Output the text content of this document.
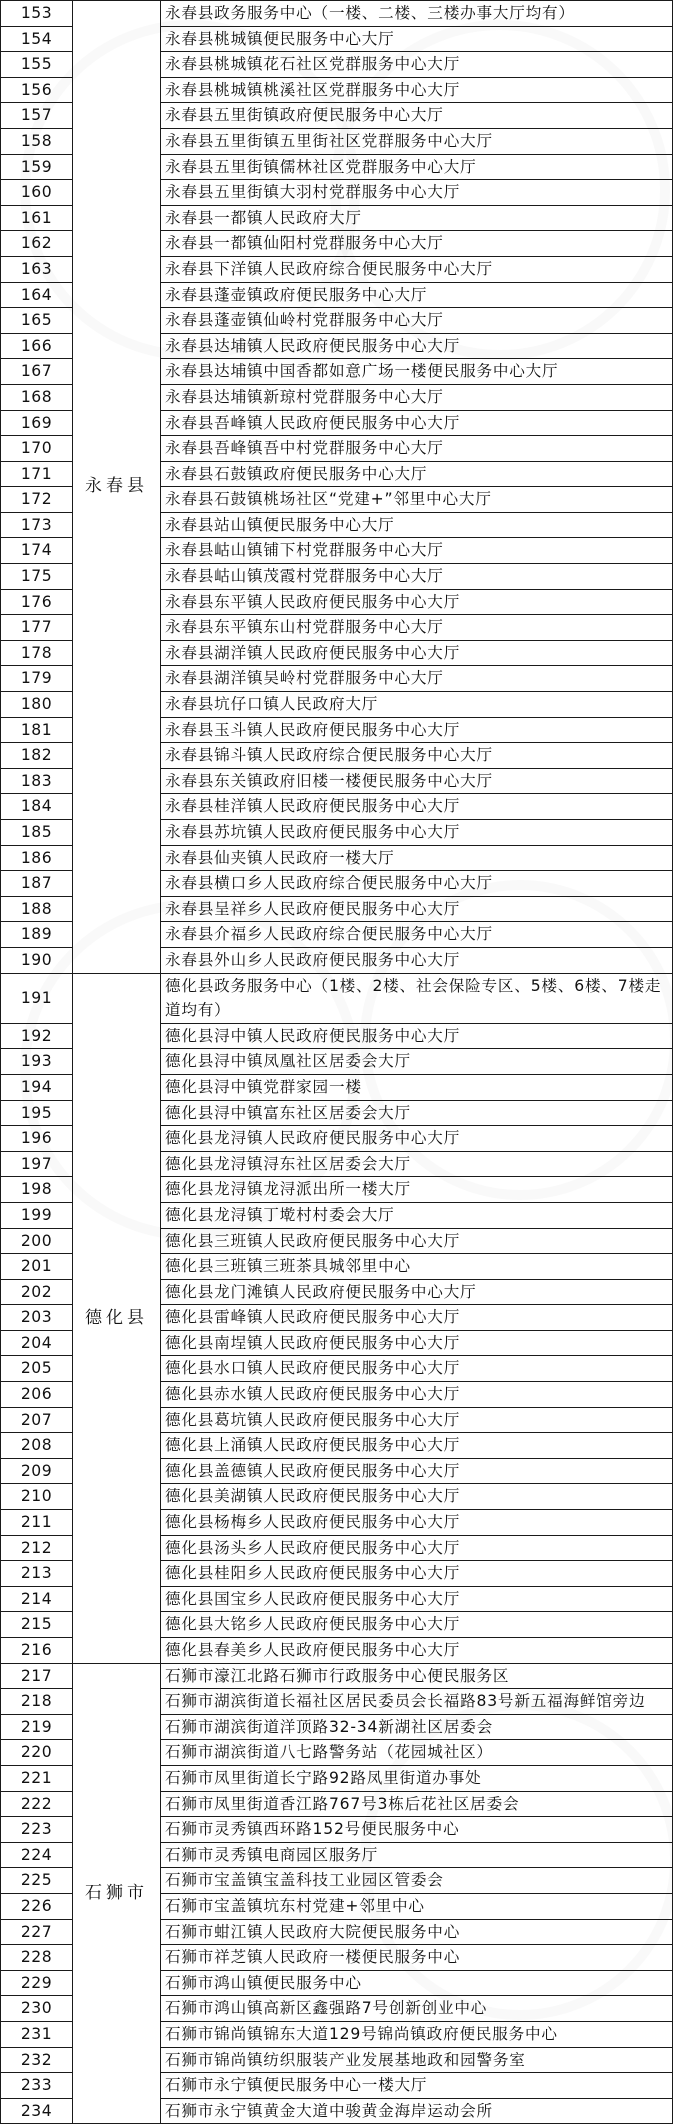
153	永春县	永春县政务服务中心（一楼、二楼、三楼办事大厅均有）
154		永春县桃城镇便民服务中心大厅
155		永春县桃城镇花石社区党群服务中心大厅
156		永春县桃城镇桃溪社区党群服务中心大厅
157		永春县五里街镇政府便民服务中心大厅
158		永春县五里街镇五里街社区党群服务中心大厅
159		永春县五里街镇儒林社区党群服务中心大厅
160		永春县五里街镇大羽村党群服务中心大厅
161		永春县一都镇人民政府大厅
162		永春县一都镇仙阳村党群服务中心大厅
163		永春县下洋镇人民政府综合便民服务中心大厅
164		永春县蓬壶镇政府便民服务中心大厅
165		永春县蓬壶镇仙岭村党群服务中心大厅
166		永春县达埔镇人民政府便民服务中心大厅
167		永春县达埔镇中国香都如意广场一楼便民服务中心大厅
168		永春县达埔镇新琼村党群服务中心大厅
169		永春县吾峰镇人民政府便民服务中心大厅
170		永春县吾峰镇吾中村党群服务中心大厅
171		永春县石鼓镇政府便民服务中心大厅
172		永春县石鼓镇桃场社区“党建+”邻里中心大厅
173		永春县站山镇便民服务中心大厅
174		永春县岵山镇铺下村党群服务中心大厅
175		永春县岵山镇茂霞村党群服务中心大厅
176		永春县东平镇人民政府便民服务中心大厅
177		永春县东平镇东山村党群服务中心大厅
178		永春县湖洋镇人民政府便民服务中心大厅
179		永春县湖洋镇吴岭村党群服务中心大厅
180		永春县坑仔口镇人民政府大厅
181		永春县玉斗镇人民政府便民服务中心大厅
182		永春县锦斗镇人民政府综合便民服务中心大厅
183		永春县东关镇政府旧楼一楼便民服务中心大厅
184		永春县桂洋镇人民政府便民服务中心大厅
185		永春县苏坑镇人民政府便民服务中心大厅
186		永春县仙夹镇人民政府一楼大厅
187		永春县横口乡人民政府综合便民服务中心大厅
188		永春县呈祥乡人民政府便民服务中心大厅
189		永春县介福乡人民政府综合便民服务中心大厅
190		永春县外山乡人民政府便民服务中心大厅
191	德化县	德化县政务服务中心（1楼、2楼、社会保险专区、5楼、6楼、7楼走道均有）
192		德化县浔中镇人民政府便民服务中心大厅
193		德化县浔中镇凤凰社区居委会大厅
194		德化县浔中镇党群家园一楼
195		德化县浔中镇富东社区居委会大厅
196		德化县龙浔镇人民政府便民服务中心大厅
197		德化县龙浔镇浔东社区居委会大厅
198		德化县龙浔镇龙浔派出所一楼大厅
199		德化县龙浔镇丁墘村村委会大厅
200		德化县三班镇人民政府便民服务中心大厅
201		德化县三班镇三班茶具城邻里中心
202		德化县龙门滩镇人民政府便民服务中心大厅
203		德化县雷峰镇人民政府便民服务中心大厅
204		德化县南埕镇人民政府便民服务中心大厅
205		德化县水口镇人民政府便民服务中心大厅
206		德化县赤水镇人民政府便民服务中心大厅
207		德化县葛坑镇人民政府便民服务中心大厅
208		德化县上涌镇人民政府便民服务中心大厅
209		德化县盖德镇人民政府便民服务中心大厅
210		德化县美湖镇人民政府便民服务中心大厅
211		德化县杨梅乡人民政府便民服务中心大厅
212		德化县汤头乡人民政府便民服务中心大厅
213		德化县桂阳乡人民政府便民服务中心大厅
214		德化县国宝乡人民政府便民服务中心大厅
215		德化县大铭乡人民政府便民服务中心大厅
216		德化县春美乡人民政府便民服务中心大厅
217	石狮市	石狮市濠江北路石狮市行政服务中心便民服务区
218		石狮市湖滨街道长福社区居民委员会长福路83号新五福海鲜馆旁边
219		石狮市湖滨街道洋顶路32-34新湖社区居委会
220		石狮市湖滨街道八七路警务站（花园城社区）
221		石狮市凤里街道长宁路92路凤里街道办事处
222		石狮市凤里街道香江路767号3栋后花社区居委会
223		石狮市灵秀镇西环路152号便民服务中心
224		石狮市灵秀镇电商园区服务厅
225		石狮市宝盖镇宝盖科技工业园区管委会
226		石狮市宝盖镇坑东村党建+邻里中心
227		石狮市蚶江镇人民政府大院便民服务中心
228		石狮市祥芝镇人民政府一楼便民服务中心
229		石狮市鸿山镇便民服务中心
230		石狮市鸿山镇高新区鑫强路7号创新创业中心
231		石狮市锦尚镇锦东大道129号锦尚镇政府便民服务中心
232		石狮市锦尚镇纺织服装产业发展基地政和园警务室
233		石狮市永宁镇便民服务中心一楼大厅
234		石狮市永宁镇黄金大道中骏黄金海岸运动会所
